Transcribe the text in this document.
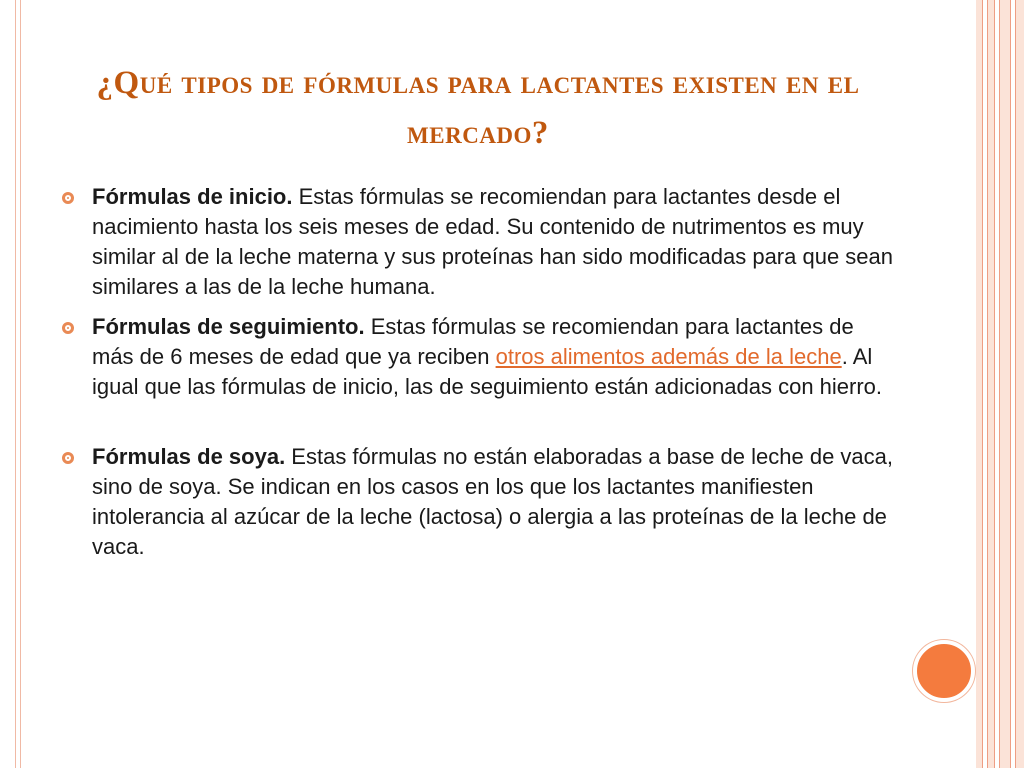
¿Qué tipos de fórmulas para lactantes existen en el mercado?
Fórmulas de inicio. Estas fórmulas se recomiendan para lactantes desde el nacimiento hasta los seis meses de edad. Su contenido de nutrimentos es muy similar al de la leche materna y sus proteínas han sido modificadas para que sean similares a las de la leche humana.
Fórmulas de seguimiento. Estas fórmulas se recomiendan para lactantes de más de 6 meses de edad que ya reciben otros alimentos además de la leche. Al igual que las fórmulas de inicio, las de seguimiento están adicionadas con hierro.
Fórmulas de soya. Estas fórmulas no están elaboradas a base de leche de vaca, sino de soya. Se indican en los casos en los que los lactantes manifiesten intolerancia al azúcar de la leche (lactosa) o alergia a las proteínas de la leche de vaca.
